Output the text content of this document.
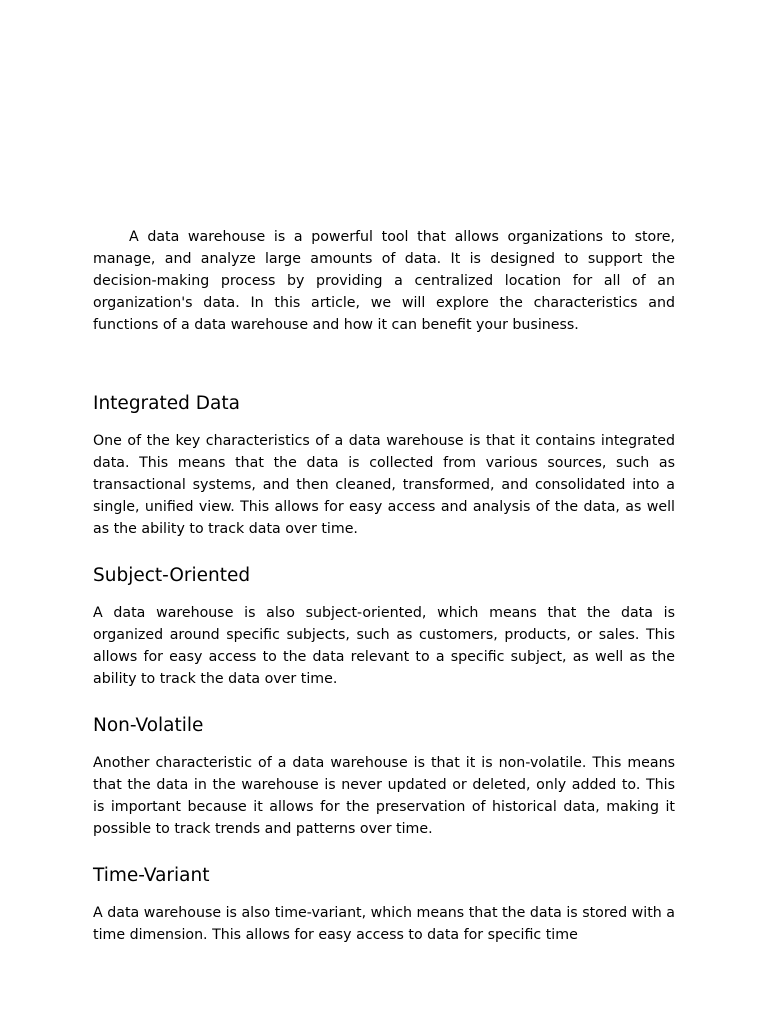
A data warehouse is a powerful tool that allows organizations to store, manage, and analyze large amounts of data. It is designed to support the decision-making process by providing a centralized location for all of an organization's data. In this article, we will explore the characteristics and functions of a data warehouse and how it can benefit your business.

Integrated Data

One of the key characteristics of a data warehouse is that it contains integrated data. This means that the data is collected from various sources, such as transactional systems, and then cleaned, transformed, and consolidated into a single, unified view. This allows for easy access and analysis of the data, as well as the ability to track data over time.

Subject-Oriented

A data warehouse is also subject-oriented, which means that the data is organized around specific subjects, such as customers, products, or sales. This allows for easy access to the data relevant to a specific subject, as well as the ability to track the data over time.

Non-Volatile

Another characteristic of a data warehouse is that it is non-volatile. This means that the data in the warehouse is never updated or deleted, only added to. This is important because it allows for the preservation of historical data, making it possible to track trends and patterns over time.

Time-Variant

A data warehouse is also time-variant, which means that the data is stored with a time dimension. This allows for easy access to data for specific time
